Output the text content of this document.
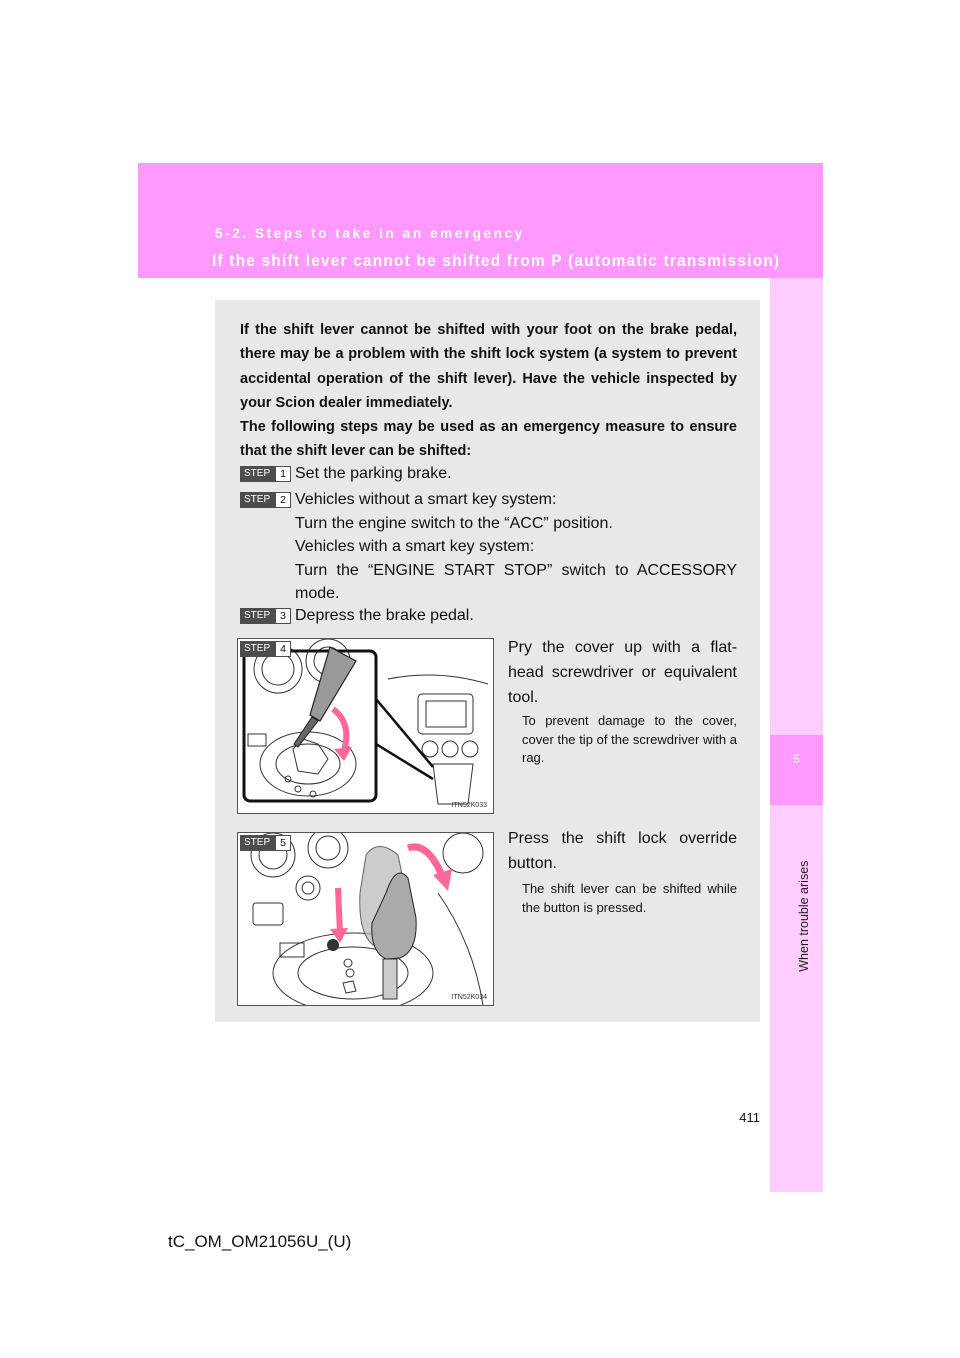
5-2. Steps to take in an emergency
If the shift lever cannot be shifted from P (automatic transmission)
5
When trouble arises

If the shift lever cannot be shifted with your foot on the brake pedal, there may be a problem with the shift lock system (a system to prevent accidental operation of the shift lever). Have the vehicle inspected by your Scion dealer immediately.

The following steps may be used as an emergency measure to ensure that the shift lever can be shifted:

STEP 1 Set the parking brake.
STEP 2 Vehicles without a smart key system:
Turn the engine switch to the “ACC” position.
Vehicles with a smart key system:
Turn the “ENGINE START STOP” switch to ACCESSORY mode.
STEP 3 Depress the brake pedal.
ITN52K033
STEP 4	Pry the cover up with a flat-head screwdriver or equivalent tool.
To prevent damage to the cover, cover the tip of the screwdriver with a rag.
ITN52K034
STEP 5	Press the shift lock override button.
The shift lever can be shifted while the button is pressed.
411
tC_OM_OM21056U_(U)
